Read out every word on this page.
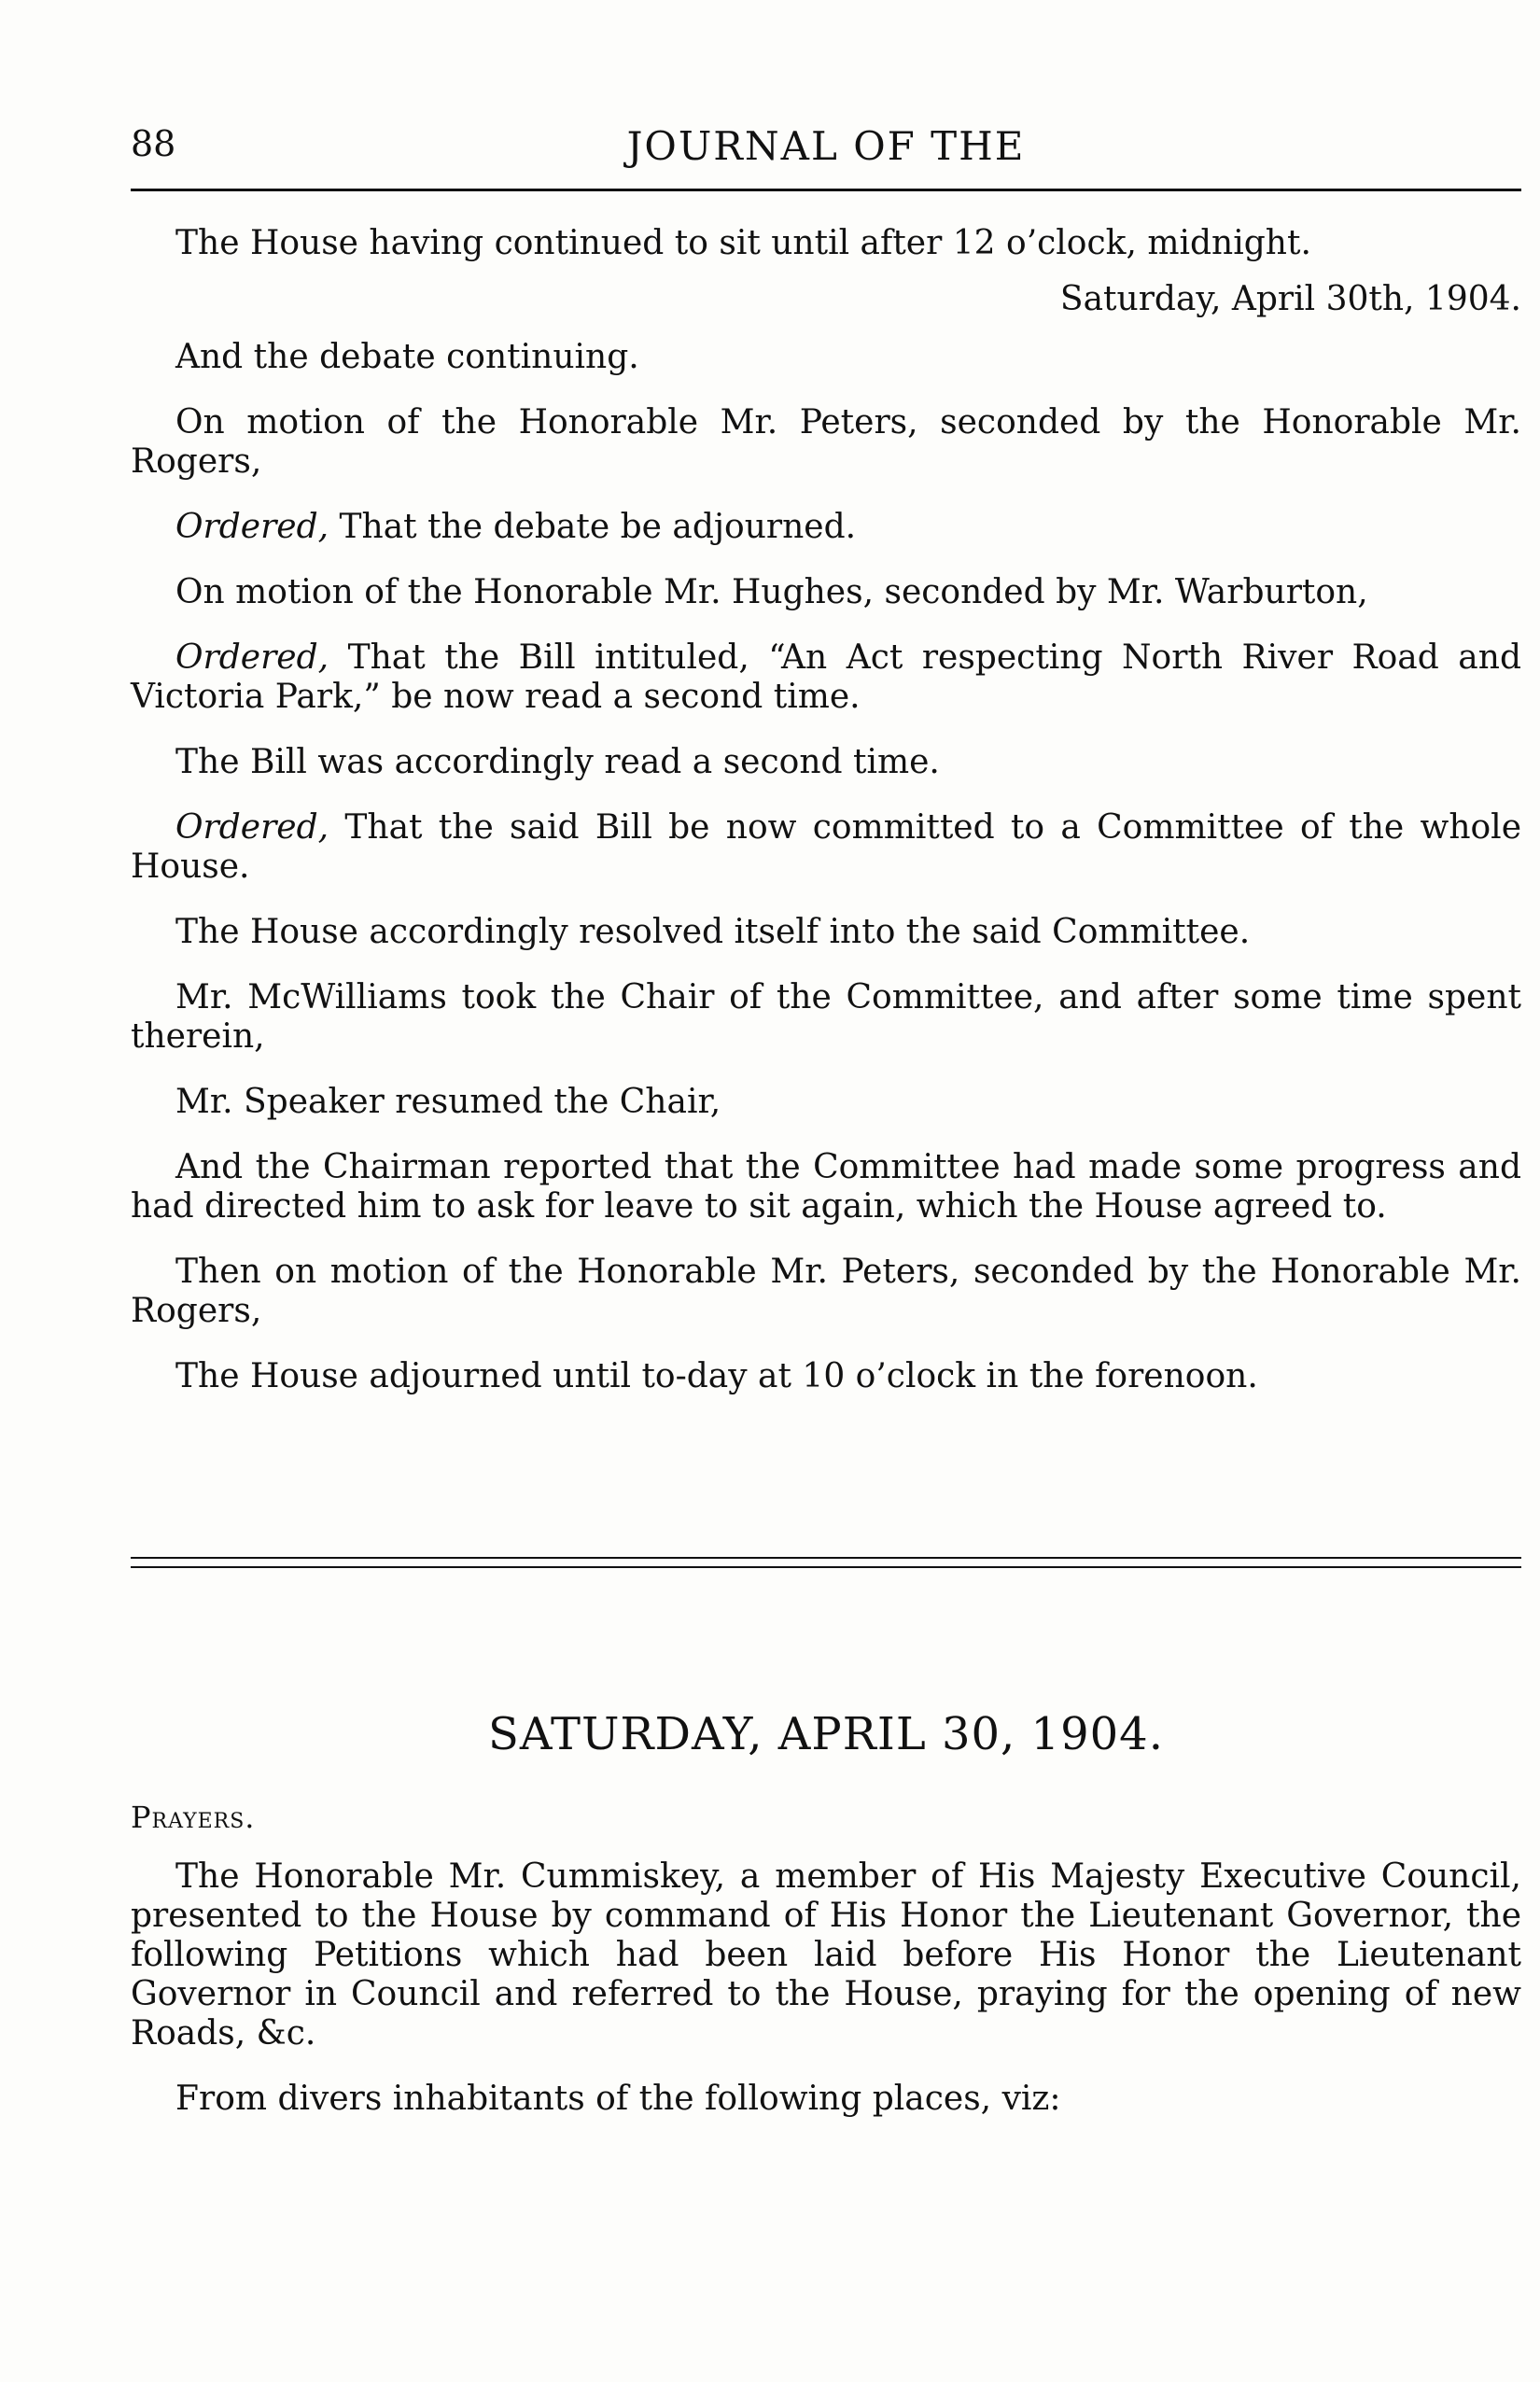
88	JOURNAL OF THE

The House having continued to sit until after 12 o’clock, midnight.

Saturday, April 30th, 1904.

And the debate continuing.

On motion of the Honorable Mr. Peters, seconded by the Honorable Mr. Rogers,

Ordered, That the debate be adjourned.

On motion of the Honorable Mr. Hughes, seconded by Mr. Warburton,

Ordered, That the Bill intituled, “An Act respecting North River Road and Victoria Park,” be now read a second time.

The Bill was accordingly read a second time.

Ordered, That the said Bill be now committed to a Committee of the whole House.

The House accordingly resolved itself into the said Committee.

Mr. McWilliams took the Chair of the Committee, and after some time spent therein,

Mr. Speaker resumed the Chair,

And the Chairman reported that the Committee had made some progress and had directed him to ask for leave to sit again, which the House agreed to.

Then on motion of the Honorable Mr. Peters, seconded by the Honorable Mr. Rogers,

The House adjourned until to-day at 10 o’clock in the forenoon.

SATURDAY, APRIL 30, 1904.
Prayers.

The Honorable Mr. Cummiskey, a member of His Majesty Executive Council, presented to the House by command of His Honor the Lieutenant Governor, the following Petitions which had been laid before His Honor the Lieutenant Governor in Council and referred to the House, praying for the opening of new Roads, &c.

From divers inhabitants of the following places, viz:
